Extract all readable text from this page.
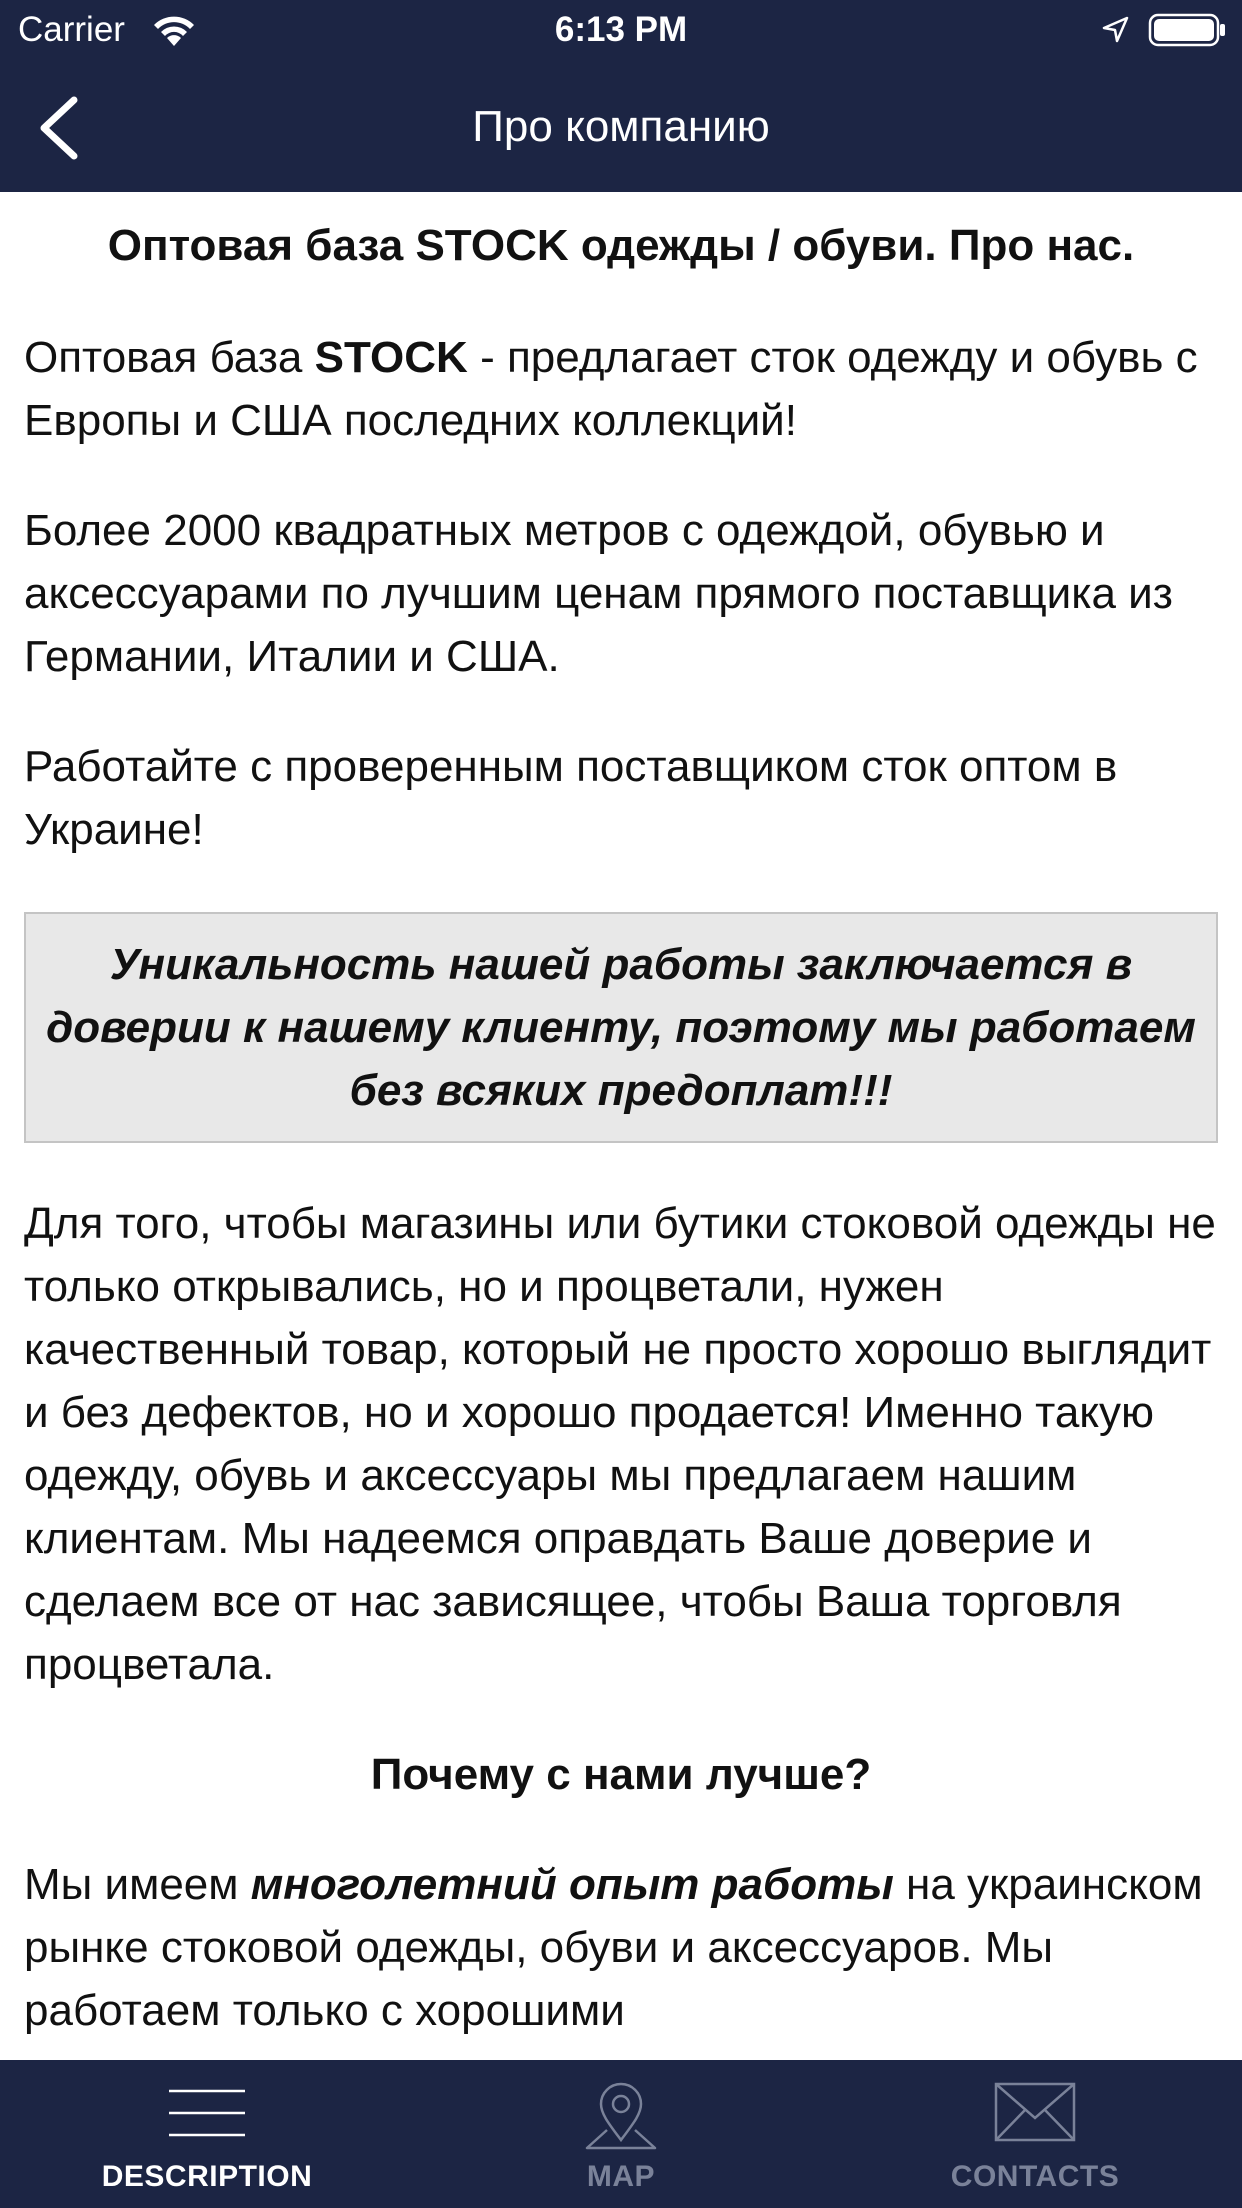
Carrier	6:13 PM
Про компанию
Оптовая база STOCK одежды / обуви. Про нас.

Оптовая база STOCK - предлагает сток одежду и обувь с Европы и США последних коллекций!

Более 2000 квадратных метров с одеждой, обувью и аксессуарами по лучшим ценам прямого поставщика из Германии, Италии и США.

Работайте с проверенным поставщиком сток оптом в Украине!

Уникальность нашей работы заключается в доверии к нашему клиенту, поэтому мы работаем без всяких предоплат!!!

Для того, чтобы магазины или бутики стоковой одежды не только открывались, но и процветали, нужен качественный товар, который не просто хорошо выглядит и без дефектов, но и хорошо продается! Именно такую одежду, обувь и аксессуары мы предлагаем нашим клиентам. Мы надеемся оправдать Ваше доверие и сделаем все от нас зависящее, чтобы Ваша торговля процветала.

Почему с нами лучше?

Мы имеем многолетний опыт работы на украинском рынке стоковой одежды, обуви и аксессуаров. Мы работаем только с хорошими

DESCRIPTION	MAP	CONTACTS
